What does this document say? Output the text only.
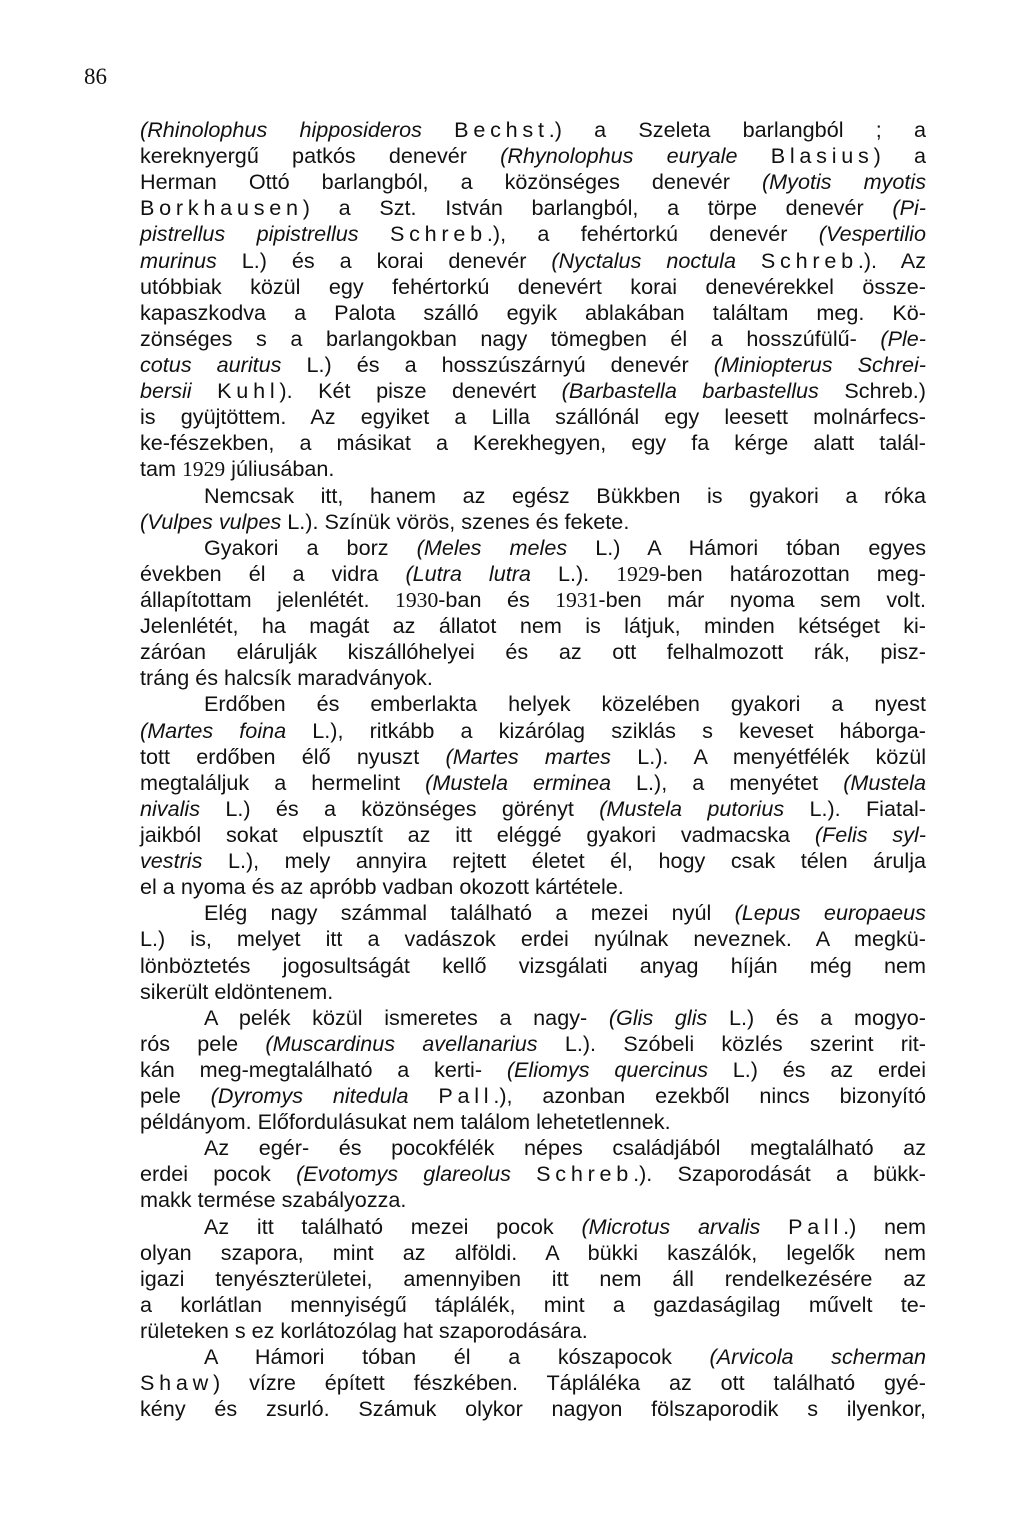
86
(Rhinolophus hipposideros Bechst.) a Szeleta barlangból ; a
kereknyergű patkós denevér (Rhynolophus euryale Blasius) a
Herman Ottó barlangból, a közönséges denevér (Myotis myotis
Borkhausen) a Szt. István barlangból, a törpe denevér (Pi-
pistrellus pipistrellus Schreb.), a fehértorkú denevér (Vespertilio
murinus L.) és a korai denevér (Nyctalus noctula Schreb.). Az
utóbbiak közül egy fehértorkú denevért korai denevérekkel össze-
kapaszkodva a Palota szálló egyik ablakában találtam meg. Kö-
zönséges s a barlangokban nagy tömegben él a hosszúfülű- (Ple-
cotus auritus L.) és a hosszúszárnyú denevér (Miniopterus Schrei-
bersii Kuhl). Két pisze denevért (Barbastella barbastellus Schreb.)
is gyüjtöttem. Az egyiket a Lilla szállónál egy leesett molnárfecs-
ke-fészekben, a másikat a Kerekhegyen, egy fa kérge alatt talál-
tam 1929 júliusában.
Nemcsak itt, hanem az egész Bükkben is gyakori a róka
(Vulpes vulpes L.). Színük vörös, szenes és fekete.
Gyakori a borz (Meles meles L.) A Hámori tóban egyes
években él a vidra (Lutra lutra L.). 1929-ben határozottan meg-
állapítottam jelenlétét. 1930-ban és 1931-ben már nyoma sem volt.
Jelenlétét, ha magát az állatot nem is látjuk, minden kétséget ki-
záróan elárulják kiszállóhelyei és az ott felhalmozott rák, pisz-
tráng és halcsík maradványok.
Erdőben és emberlakta helyek közelében gyakori a nyest
(Martes foina L.), ritkább a kizárólag sziklás s keveset háborga-
tott erdőben élő nyuszt (Martes martes L.). A menyétfélék közül
megtaláljuk a hermelint (Mustela erminea L.), a menyétet (Mustela
nivalis L.) és a közönséges görényt (Mustela putorius L.). Fiatal-
jaikból sokat elpusztít az itt eléggé gyakori vadmacska (Felis syl-
vestris L.), mely annyira rejtett életet él, hogy csak télen árulja
el a nyoma és az apróbb vadban okozott kártétele.
Elég nagy számmal található a mezei nyúl (Lepus europaeus
L.) is, melyet itt a vadászok erdei nyúlnak neveznek. A megkü-
lönböztetés jogosultságát kellő vizsgálati anyag híján még nem
sikerült eldöntenem.
A pelék közül ismeretes a nagy- (Glis glis L.) és a mogyo-
rós pele (Muscardinus avellanarius L.). Szóbeli közlés szerint rit-
kán meg-megtalálható a kerti- (Eliomys quercinus L.) és az erdei
pele (Dyromys nitedula Pall.), azonban ezekből nincs bizonyító
példányom. Előfordulásukat nem találom lehetetlennek.
Az egér- és pocokfélék népes családjából megtalálható az
erdei pocok (Evotomys glareolus Schreb.). Szaporodását a bükk-
makk termése szabályozza.
Az itt található mezei pocok (Microtus arvalis Pall.) nem
olyan szapora, mint az alföldi. A bükki kaszálók, legelők nem
igazi tenyészterületei, amennyiben itt nem áll rendelkezésére az
a korlátlan mennyiségű táplálék, mint a gazdaságilag művelt te-
rületeken s ez korlátozólag hat szaporodására.
A Hámori tóban él a kószapocok (Arvicola scherman
Shaw) vízre épített fészkében. Tápláléka az ott található gyé-
kény és zsurló. Számuk olykor nagyon fölszaporodik s ilyenkor,
